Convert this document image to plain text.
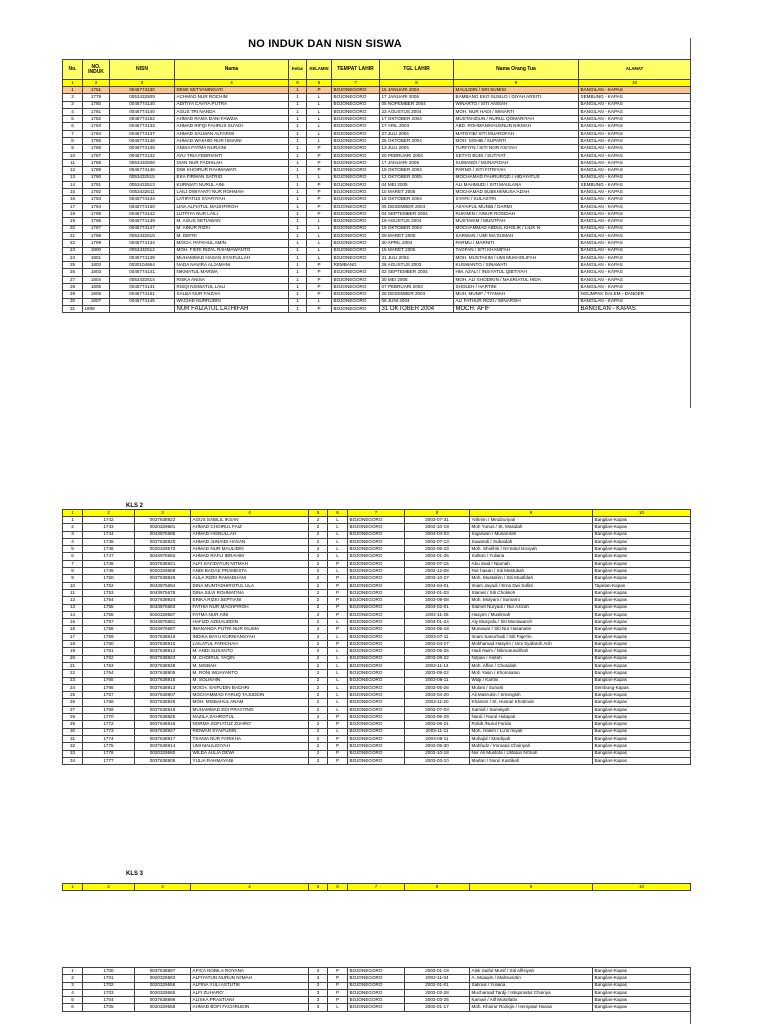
NO INDUK DAN NISN SISWA
No.	NO. INDUK	NISN	Nama	Kelas	KELAMIN	TEMPAT LAHIR	TGL LAHIR	Nama Orang Tua	ALAMAT
1	2	3	4	5	6	7	8	9	10
1	1751	0046774130	DEWI SETYANINGATI	1	P	BOJONEGORO	15 JANUARI 2004	MAULIDIN / SRI SUMISI	BANGILAN - KAPAS
2	1779	0053432509	ACHMAD NUR ROCHIM	1	L	BOJONEGORO	17 JANUARI 2005	BAMBANG EKO SUSILO / DIYAH ARSITI	SEMBUNG - KAPAS
3	1780	0046774140	ADITIYA CAHYA PUTRA	1	L	BOJONEGORO	05 NOPEMBER 2004	WINARTO / SITI ANISAH	BANGILAN - KAPAS
4	1781	0046774140	AGUS TRI NANDA	1	L	BOJONEGORO	23 AGUSTUS 2004	MOH. NUR HADI / WINARTI	BANGILAN - KAPAS
5	1782	0046774152	AHMAD RAMA DANI FAWZIA	1	L	BOJONEGORO	17 OKTOBER 2004	MUSTAHZIUN / NURUL QOMARIYAH	BANGILAN - KAPAS
6	1783	0046774133	AHMAD RIFQI FAHRUS SU'ADI	1	L	BOJONEGORO	17 ARIL 2004	ABD. ROHMAN/KHUSNUN NIKMAH	BANGILAN - KAPAS
7	1784	0046774137	AHMAD SALMAN ALFARISI	1	L	BOJONEGORO	27 JULI 2004	MATOYIB/ SITI MUAROFAH	BANGILAN - KAPAS
8	1785	0046774148	AHMAD WAKHID NUR ISNAINI	1	L	BOJONEGORO	25 OKTOBER 2004	MOH. SOHIB / SUPARTI	BANGILAN - KAPAS
9	1786	0046774136	ANISA FATMA NURAINI	1	P	BOJONEGORO	13 JULI 2004	TURFIYN / SITI NOR ASIYAH	BANGILAN - KAPAS
10	1787	0046774132	AYU TRIA FEBRIANTI	1	P	BOJONEGORO	20 PEBRUARI 2004	SETYO BUDI / SUTIYAT	BANGILAN - KAPAS
11	1788	0053432508	DIAN NUR FADHILAH	1	P	BOJONEGORO	17 JANUARI 2005	SUWANDI / MUNAFIDAH	BANGILAN - KAPAS
12	1789	0046774146	DWI KHOIRUR RAHMAWATI	1	P	BOJONEGORO	19 OKTOBER 2004	PARNO / SITI FITRIYAH	BANGILAN - KAPAS
13	1790	0053432515	EKA FIRMAN SATRIO	1	L	BOJONEGORO	12 OKTOBER 2005	MOCHAMAD FAHRUROZI / HIDAYATUS	BANGILAN - KAPAS
14	1791	0053432513	KURNIATI NURUL AINI	1	P	BOJONEGORO	04 MEI 2005	ALI MAHMUDI / SITI MAULANA	SEMBUNG - KAPAS
15	1792	0053432511	LAILI DWIYANTI NUR ROHMAH	1	P	BOJONEGORO	10 MARET 2005	MOCHAMAD SUBKHI/MUSA'ADAH	BANGILAN - KAPAS
16	1793	0046774144	LATIFATUS SYAFIIYAH	1	P	BOJONEGORO	15 OKTOBER 2004	SYAFII / SULASTRI	BANGILAN - KAPAS
17	1794	0046774150	LINA ALFIATUL MAGHFIROH	1	P	BOJONEGORO	05 DESEMBER 2004	ASYAIFUL MUNIB / DARMI	BANGILAN - KAPAS
18	1795	0046774142	LUTFIYA NUR LAILI	1	P	BOJONEGORO	04 SEPTEMBER 2004	RUKIMIN / AINUR ROSIDAH	BANGILAN - KAPAS
19	1796	0046774139	M. AGUS SETIAWAN	1	L	BOJONEGORO	19 AGUSTUS 2004	MUSTAKIM / MUNTFAH	BANGILAN - KAPAS
20	1797	0046774147	M. AINUR RIZKI	1	L	BOJONEGORO	19 OKTOBER 2004	MOCHAMMAD ABDUL KHOLIK / LILIK N	BANGILAN - KAPAS
21	1798	0053432510	M. DEFRI	1	L	BOJONEGORO	09 MARET 2005	SARWAN / UMI MA'SUMAH	BANGILAN - KAPAS
22	1799	0046774134	MOCH. PATKHUL AMIN	1	L	BOJONEGORO	30 APRIL 2004	PARMU / MARNITI	BANGILAN - KAPAS
23	1800	0053432512	MOH. FIKRI RIZAL RAHMAWANTO	1	L	BOJONEGORO	15 MARET 2005	TAOFAN / SITI KHANIFAH	BANGILAN - KAPAS
24	1801	0046774138	MUHAMMAD HASAN SYAIFULLAH	1	L	BOJONEGORO	31 JULI 2004	MOH. MUSTAKIM / UMI MUKHOLIFAH	BANGILAN - KAPAS
25	1802	0030104664	NADA NAVIRA ALJAMANI	1	P	REMBANG	28 AGUSTUS 2003	KUSWANTO / SINAWATI	BANGILAN - KAPAS
26	1803	0046774141	NIKMATUL MARWA	1	P	BOJONEGORO	02 SEPTEMBER 2004	HM. AZALI / INSIYATUL QIBTIYAH	BANGILAN - KAPAS
27	1804	0053432514	RISKA ANISA	1	P	BOJONEGORO	30 MEI 2005	MOH. ALI SHODIKIN / MASRIATUL HIDA	BANGILAN - KAPAS
28	1805	0046774131	RISQI NISWATUL LAILI	1	P	BOJONEGORO	07 PEBRUARI 2004	SHOLEH / HARTINI	BANGILAN - KAPAS
29	1806	0046774151	SALBA NUR FAIZAH	1	P	BOJONEGORO	28 DESEMBER 2004	MUH. MUNIF / TI'AMAH	NGUMPAK DALEM - DANDER
30	1807	0046774145	WACHID NURRUDIN	1	L	BOJONEGORO	06 JUNI 2004	ALI FATHUR ROZI / WINARSIH	BANGILAN - KAPAS
31	1808		NUR FAIZATUL LATHIFAH	1	P	BOJONEGORO	31 OKTOBER 2004	MOCH. AFIF	BANGILAN - KAPAS
KLS 2
1	2	3	4	5	6	7	8	9	10
1	1742	0037638922	AGUS SABILIL IKSAN	2	L	BOJONEGORO	2003-07-31	Yahmin / Mindzuriyati	Bangilan-Kapas
2	1743	0020329581	AHMAD CHOIRUL FAIZ	2	L	BOJONEGORO	2002-10-19	Moh Yunus / St. Masidah	Bangilan-Kapas
3	1744	0043975685	AHMAD HISNULLAH	2	L	BOJONEGORO	2004-04-03	Sujarwan / Musarofah	Bangilan-Kapas
4	1745	0037638920	AHMAD JUNAIDI HASAN	2	L	BOJONEGORO	2003-07-13	Suwandi / Subaidah	Bangilan-Kapas
5	1746	0020329573	AHMAD NUR MAULIDIN	2	L	BOJONEGORO	2002-06-23	Moh. Sholihin / Ni'matul Isroiyah	Bangilan-Kapas
6	1747	0043975682	AHMAD RAFLI IBRAHIM	2	L	BOJONEGORO	2004-01-26	Sulkan / Yuliana	Bangilan-Kapas
7	1748	0037638921	ALFI SAYIDATUN NITMAH	2	P	BOJONEGORO	2003-07-15	Abu Said / Niamah	Bangilan-Kapas
8	1749	0020329589	ANDI BAGAS PRAMESTA	2	L	BOJONEGORO	2002-12-08	Nor hasan / Siti Mastukah	Bangilan-Kapas
9	1750	0037638926	AULA RIZKI RAMADHANI	2	P	BOJONEGORO	2003-10-27	Moh. Mustakim / Siti Muafidah	Bangilan-Kapas
10	1752	0043975684	DINA MUNTADHIROTUL ULA	2	P	BOJONEGORO	2004-04-01	Imam Jayadi / Erna Dwi Safitri	Tapelan-Kapas
11	1753	0043975678	DINA SILVI ROHMATINA	2	P	BOJONEGORO	2004-01-03	Slamet / Siti Cholisoh	Bangilan-Kapas
12	1754	0037638924	ERIKA RIZKI SEPTIANI	2	P	BOJONEGORO	2003-09-08	Moh. Mulyani / Sumarni	Bangilan-Kapas
13	1755	0043975683	FATHIA NUR MAGHFIROH	2	P	BOJONEGORO	2004-02-01	Slamet Nuryadi / Nur Azizah	Bangilan-Kapas
14	1756	0020329587	FATMA NUR AINI	2	P	BOJONEGORO	2002-11-26	Hasyim / Muslimah	Bangilan-Kapas
15	1757	0043975681	HAFIZD AZEIAUDDIN	2	L	BOJONEGORO	2004-01-24	Aly Musyafa / Siti Munawaroh	Bangilan-Kapas
16	1758	0043975687	IMANANDA PUTRI NUR IKLIMA	2	P	BOJONEGORO	2004-05-18	Munawar / Siti Nur Hasanatin	Bangilan-Kapas
17	1759	0037638919	INDIKA BAYU KURNIANSYAH	2	L	BOJONEGORO	2003-07-11	Imam Sanurhadi / Siti Faje'rin	Bangilan-Kapas
18	1760	0037638910	LAILATUL FARICHAH	2	P	BOJONEGORO	2003-04-27	Mokhamad Hasyim / Umi Syafaroh Anh	Bangilan-Kapas
19	1761	0037638912	M. ANDI SUSANTO	2	L	BOJONEGORO	2003-05-25	Hadi Naim / Nikmatusolihah	Bangilan-Kapas
20	1762	0037638923	M. CHOIRUL YAQIN	2	L	BOJONEGORO	2003-08-22	Nirpan / Anifah	Bangilan-Kapas
21	1763	0037638928	M. MISBAH	2	L	BOJONEGORO	2003-11-14	Moh. Affan / Chosidah	Bangilan-Kapas
22	1764	0037638905	M. RONI WIJAYANTO	2	L	BOJONEGORO	2003-09-22	Moh Yasin / Khomsatun	Bangilan-Kapas
23	1765	0037638915	M. SOLIKHIN	2	L	BOJONEGORO	2003-06-11	Widji / Kartini	Bangilan-Kapas
24	1766	0037638913	MOCH. SAIFUDIN BACHRI	2	L	BOJONEGORO	2003-05-26	Mulani / Sunarti	Sembung-Kapas
25	1767	0037638907	MOCHAMMAD FARUQ TAJUDDIN	2	L	BOJONEGORO	2003-04-20	Ali Masrukin / Sriningsih	Bangilan-Kapas
26	1768	0037638929	MOH. MISBAHUL ANAM	2	L	BOJONEGORO	2003-11-20	Khamim / St. Husnul Khotimah	Bangilan-Kapas
27	1769	0037638918	MUHAMMAD EDI PRAYITNO	2	L	BOJONEGORO	2003-07-03	Samidi / Samsiyah	Bangilan-Kapas
28	1770	0037638925	NAZILA ZAHROTUL	2	P	BOJONEGORO	2003-06-29	Nardi / Nurul Hidayati	Bangilan-Kapas
29	1772	0037638916	NORMA SOFIATUZ ZUHRO'	2	P	BOJONEGORO	2003-06-21	Rokib /Nurul Farida	Bangilan-Kapas
30	1773	0037638927	RIDWAN SYAIFUDIN	2	L	BOJONEGORO	2003-11-11	Moh. Hakim / Lu'is miyati	Bangilan-Kapas
31	1774	0037638917	TSANIA NUR FARIKHA	2	P	BOJONEGORO	2003-05-11	Muhajid / Mardiyah	Bangilan-Kapas
32	1775	0037638914	UMI MAULIDIYAH	2	P	BOJONEGORO	2003-05-30	Mahfudz / Imroatul Choiriyah	Bangilan-Kapas
33	1776	0020329580	WILDA AULIA DEWI	2	P	BOJONEGORO	2002-10-18	Nur Ali Mustofa / Ulifatun Ni'mah	Bangilan-Kapas
34	1777	0037638905	YULIA RAHMAYANI	2	P	BOJONEGORO	2003-03-10	Marlan / Nurul Kustikah	Bangilan-Kapas
KLS 3
1	2	3	4	5	6	7	8	9	10
1	1700	0037638897	AFICA NOBILA ROYANA	3	P	BOJONEGORO	2003-01-19	Alek Saiful Munif / Siti Alfisiyah	Bangilan-Kapas
2	1701	0020329583	ALFIYATUN NURUN NI'MAH	3	P	BOJONEGORO	2002-11-04	A. Muaqim / Mahsusotin	Bangilan-Kapas
3	1702	0020329556	ALFINA YULI ASTUTIK	3	P	BOJONEGORO	2002-01-01	Safinuli / Yuliana	Bangilan-Kapas
4	1703	0020329565	ALFI ZUHARO'	3	P	BOJONEGORO	2002-02-28	Muchamad Tardji / Istiqomatul Choiriya	Bangilan-Kapas
5	1704	0037638896	ALISKA PRASTIANI	3	P	BOJONEGORO	2003-03-25	Kamari / Alif Musrifatin	Bangilan-Kapas
6	1705	0020329558	AHMAD BOFI FACHRUDIN	3	L	BOJONEGORO	2002-01-17	Moh. Khoirur Roziqin / Heniyatul Hanan	Bangilan-Kapas
